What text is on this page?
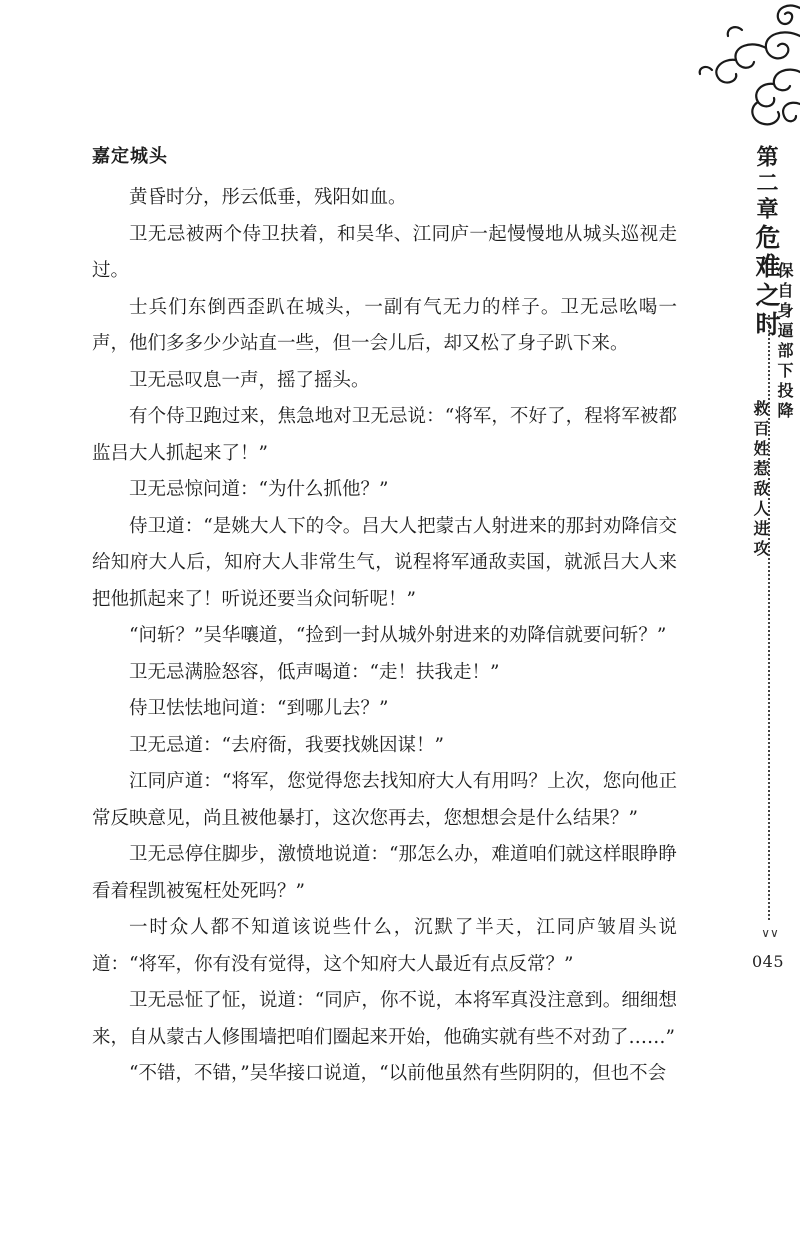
嘉定城头

黄昏时分，彤云低垂，残阳如血。

卫无忌被两个侍卫扶着，和吴华、江同庐一起慢慢地从城头巡视走过。

士兵们东倒西歪趴在城头，一副有气无力的样子。卫无忌吆喝一声，他们多多少少站直一些，但一会儿后，却又松了身子趴下来。

卫无忌叹息一声，摇了摇头。

有个侍卫跑过来，焦急地对卫无忌说：“将军，不好了，程将军被都监吕大人抓起来了！”

卫无忌惊问道：“为什么抓他？”

侍卫道：“是姚大人下的令。吕大人把蒙古人射进来的那封劝降信交给知府大人后，知府大人非常生气，说程将军通敌卖国，就派吕大人来把他抓起来了！听说还要当众问斩呢！”

“问斩？”吴华嚷道，“捡到一封从城外射进来的劝降信就要问斩？”

卫无忌满脸怒容，低声喝道：“走！扶我走！”

侍卫怯怯地问道：“到哪儿去？”

卫无忌道：“去府衙，我要找姚因谋！”

江同庐道：“将军，您觉得您去找知府大人有用吗？上次，您向他正常反映意见，尚且被他暴打，这次您再去，您想想会是什么结果？”

卫无忌停住脚步，激愤地说道：“那怎么办，难道咱们就这样眼睁睁看着程凯被冤枉处死吗？”

一时众人都不知道该说些什么，沉默了半天，江同庐皱眉头说道：“将军，你有没有觉得，这个知府大人最近有点反常？”

卫无忌怔了怔，说道：“同庐，你不说，本将军真没注意到。细细想来，自从蒙古人修围墙把咱们圈起来开始，他确实就有些不对劲了……”

“不错，不错，”吴华接口说道，“以前他虽然有些阴阴的，但也不会

第二章
危难之时
保自身逼部下投降
救百姓惹敌人进攻
∨∨
045
